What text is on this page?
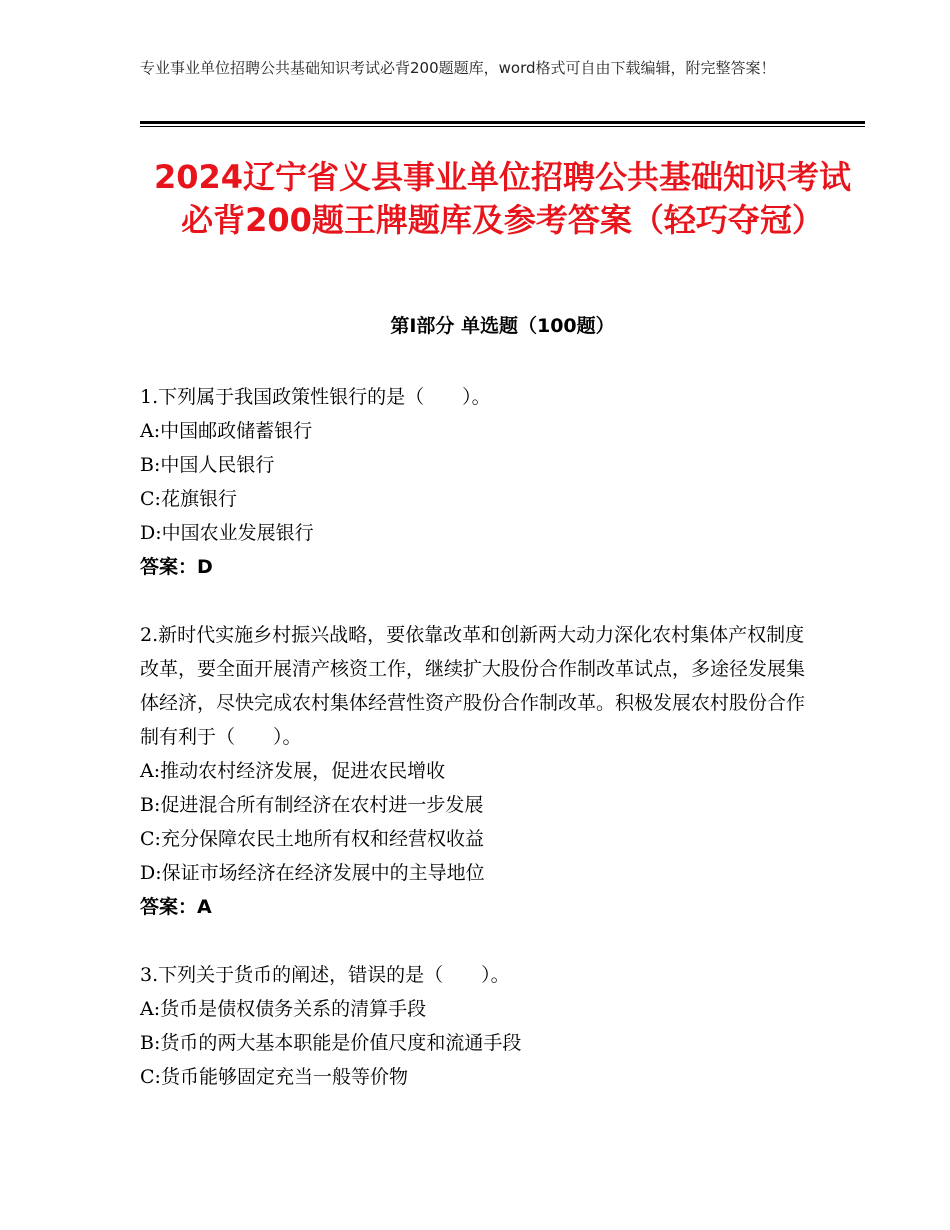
专业事业单位招聘公共基础知识考试必背200题题库，word格式可自由下载编辑，附完整答案！
2024辽宁省义县事业单位招聘公共基础知识考试必背200题王牌题库及参考答案（轻巧夺冠）
第I部分 单选题（100题）

1.下列属于我国政策性银行的是（　　）。

A:中国邮政储蓄银行

B:中国人民银行

C:花旗银行

D:中国农业发展银行

答案：D

2.新时代实施乡村振兴战略，要依靠改革和创新两大动力深化农村集体产权制度改革，要全面开展清产核资工作，继续扩大股份合作制改革试点，多途径发展集体经济，尽快完成农村集体经营性资产股份合作制改革。积极发展农村股份合作制有利于（　　）。

A:推动农村经济发展，促进农民增收

B:促进混合所有制经济在农村进一步发展

C:充分保障农民土地所有权和经营权收益

D:保证市场经济在经济发展中的主导地位

答案：A

3.下列关于货币的阐述，错误的是（　　）。

A:货币是债权债务关系的清算手段

B:货币的两大基本职能是价值尺度和流通手段

C:货币能够固定充当一般等价物
